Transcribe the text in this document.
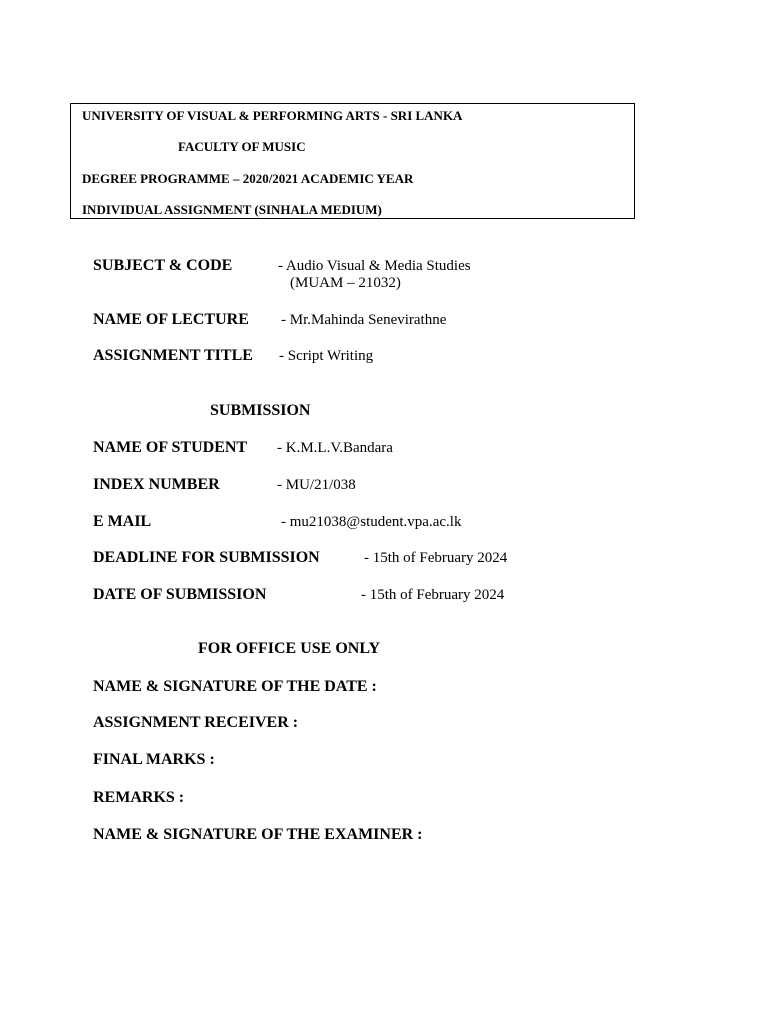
UNIVERSITY OF VISUAL & PERFORMING ARTS - SRI LANKA
FACULTY OF MUSIC
DEGREE PROGRAMME – 2020/2021 ACADEMIC YEAR
INDIVIDUAL ASSIGNMENT (SINHALA MEDIUM)
SUBJECT & CODE	- Audio Visual & Media Studies
(MUAM – 21032)
NAME OF LECTURE - Mr.Mahinda Senevirathne
ASSIGNMENT TITLE - Script Writing
SUBMISSION
NAME OF STUDENT - K.M.L.V.Bandara
INDEX NUMBER	- MU/21/038
E MAIL	- mu21038@student.vpa.ac.lk
DEADLINE FOR SUBMISSION	- 15th of February 2024
DATE OF SUBMISSION	- 15th of February 2024
FOR OFFICE USE ONLY
NAME & SIGNATURE OF THE DATE :
ASSIGNMENT RECEIVER :
FINAL MARKS :
REMARKS :
NAME & SIGNATURE OF THE EXAMINER :
